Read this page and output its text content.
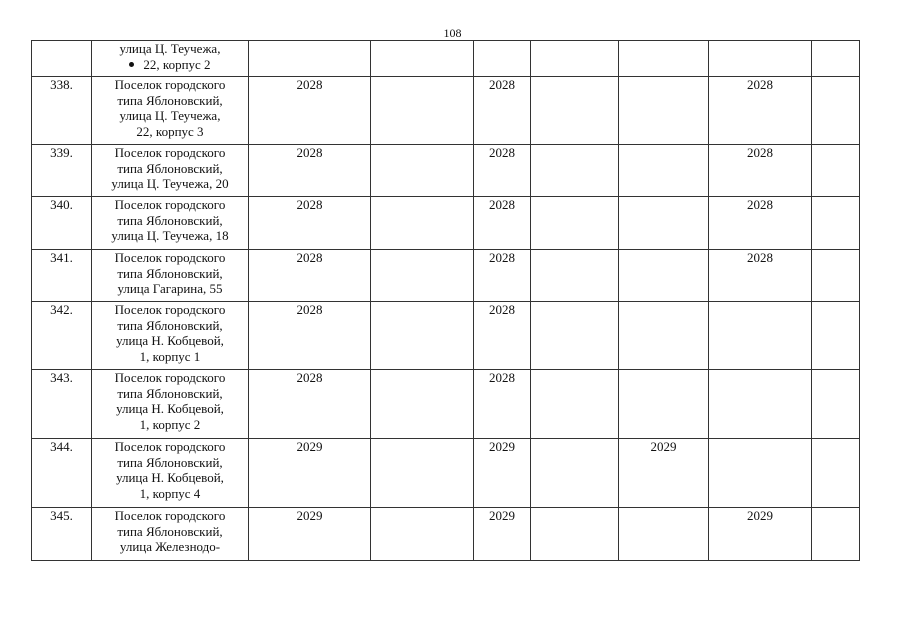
108

	улица Ц. Теучежа,
22, корпус 2							

338.	Поселок городского
типа Яблоновский,
улица Ц. Теучежа,
22, корпус 3	2028		2028			2028	
339.	Поселок городского
типа Яблоновский,
улица Ц. Теучежа, 20	2028		2028			2028	
340.	Поселок городского
типа Яблоновский,
улица Ц. Теучежа, 18	2028		2028			2028	
341.	Поселок городского
типа Яблоновский,
улица Гагарина, 55	2028		2028			2028	
342.	Поселок городского
типа Яблоновский,
улица Н. Кобцевой,
1, корпус 1	2028		2028				
343.	Поселок городского
типа Яблоновский,
улица Н. Кобцевой,
1, корпус 2	2028		2028				
344.	Поселок городского
типа Яблоновский,
улица Н. Кобцевой,
1, корпус 4	2029		2029		2029		
345.	Поселок городского
типа Яблоновский,
улица Железнодо-	2029		2029			2029	
